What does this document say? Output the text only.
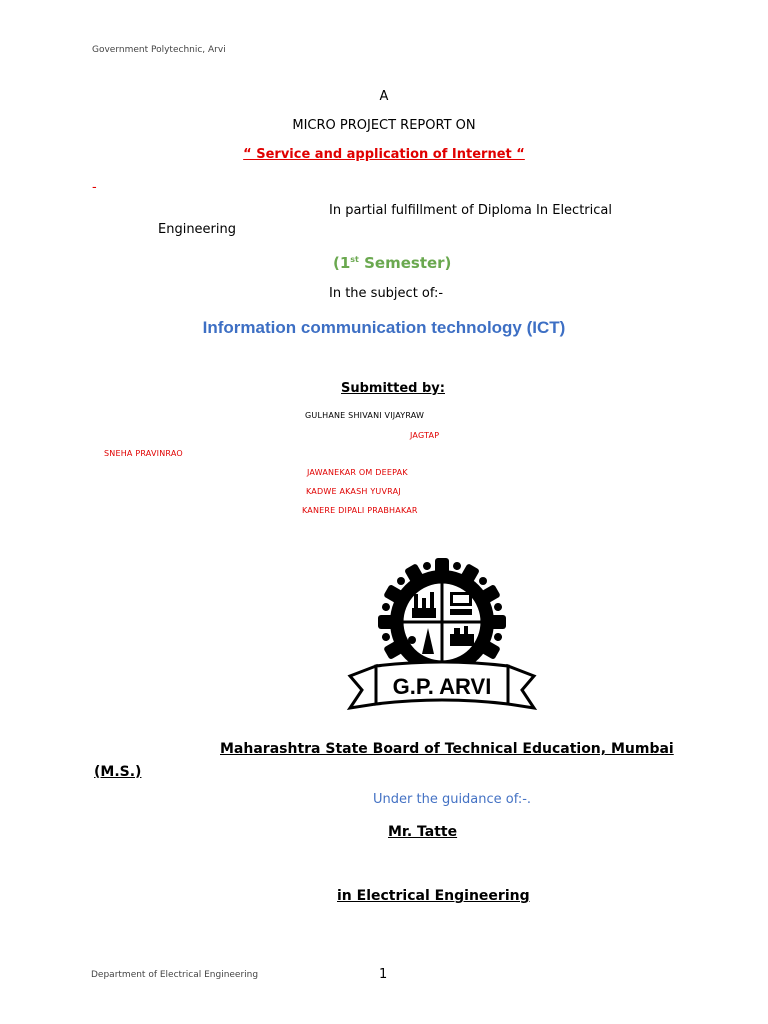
Government Polytechnic, Arvi
A
MICRO PROJECT REPORT ON
“ Service and application of Internet “
-
In partial fulfillment of Diploma In Electrical
Engineering
(1st Semester)
In the subject of:-
Information communication technology (ICT)
Submitted by:
GULHANE SHIVANI VIJAYRAW
JAGTAP
SNEHA PRAVINRAO
JAWANEKAR OM DEEPAK
KADWE AKASH YUVRAJ
KANERE DIPALI PRABHAKAR
G.P. ARVI
Maharashtra State Board of Technical Education, Mumbai
(M.S.)
Under the guidance of:-.
Mr. Tatte
in Electrical Engineering
Department of Electrical Engineering	1
